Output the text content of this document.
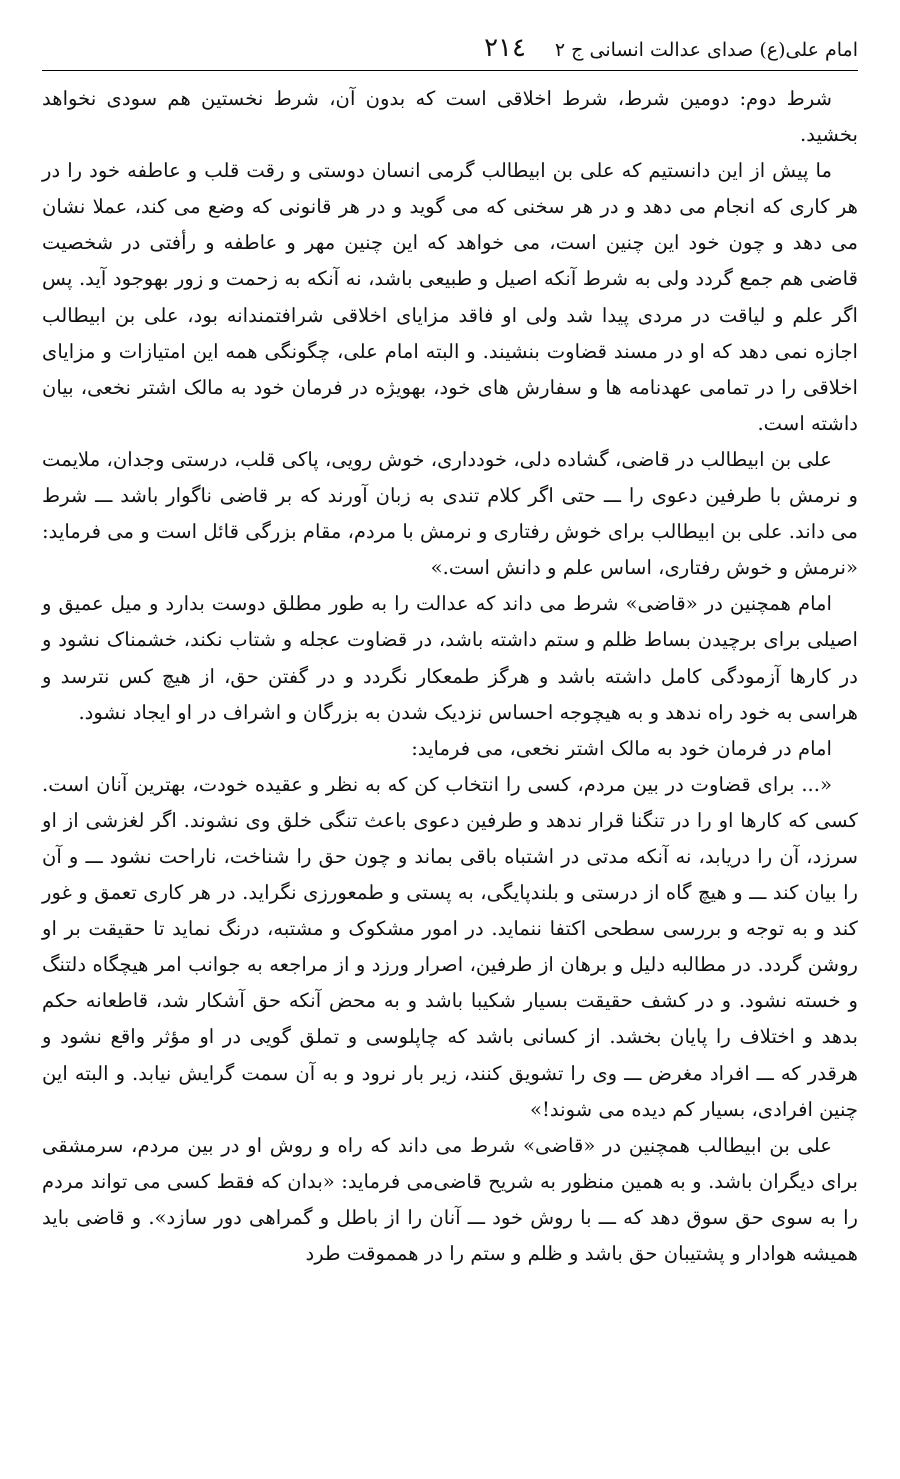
امام علی(ع) صدای عدالت انسانی ج ۲
۲۱٤

شرط دوم: دومین شرط، شرط اخلاقی است که بدون آن، شرط نخستین هم سودی نخواهد بخشید.

ما پیش از این دانستیم که علی بن ابیطالب گرمی انسان دوستی و رقت قلب و عاطفه خود را در هر کاری که انجام می دهد و در هر سخنی که می گوید و در هر قانونی که وضع می کند، عملا نشان می دهد و چون خود این چنین است، می خواهد که این چنین مهر و عاطفه و رأفتی در شخصیت قاضی هم جمع گردد ولی به شرط آنکه اصیل و طبیعی باشد، نه آنکه به زحمت و زور بهوجود آید. پس اگر علم و لیاقت در مردی پیدا شد ولی او فاقد مزایای اخلاقی شرافتمندانه بود، علی بن ابیطالب اجازه نمی دهد که او در مسند قضاوت بنشیند. و البته امام علی، چگونگی همه این امتیازات و مزایای اخلاقی را در تمامی عهدنامه ها و سفارش های خود، بهویژه در فرمان خود به مالک اشتر نخعی، بیان داشته است.

علی بن ابیطالب در قاضی، گشاده دلی، خودداری، خوش رویی، پاکی قلب، درستی وجدان، ملایمت و نرمش با طرفین دعوی را ـــ حتی اگر کلام تندی به زبان آورند که بر قاضی ناگوار باشد ـــ شرط می داند. علی بن ابیطالب برای خوش رفتاری و نرمش با مردم، مقام بزرگی قائل است و می فرماید: «نرمش و خوش رفتاری، اساس علم و دانش است.»

امام همچنین در «قاضی» شرط می داند که عدالت را به طور مطلق دوست بدارد و میل عمیق و اصیلی برای برچیدن بساط ظلم و ستم داشته باشد، در قضاوت عجله و شتاب نکند، خشمناک نشود و در کارها آزمودگی کامل داشته باشد و هرگز طمعکار نگردد و در گفتن حق، از هیچ کس نترسد و هراسی به خود راه ندهد و به هیچوجه احساس نزدیک شدن به بزرگان و اشراف در او ایجاد نشود.

امام در فرمان خود به مالک اشتر نخعی، می فرماید:

«... برای قضاوت در بین مردم، کسی را انتخاب کن که به نظر و عقیده خودت، بهترین آنان است. کسی که کارها او را در تنگنا قرار ندهد و طرفین دعوی باعث تنگی خلق وی نشوند. اگر لغزشی از او سرزد، آن را دریابد، نه آنکه مدتی در اشتباه باقی بماند و چون حق را شناخت، ناراحت نشود ـــ و آن را بیان کند ـــ و هیچ گاه از درستی و بلندپایگی، به پستی و طمعورزی نگراید. در هر کاری تعمق و غور کند و به توجه و بررسی سطحی اکتفا ننماید. در امور مشکوک و مشتبه، درنگ نماید تا حقیقت بر او روشن گردد. در مطالبه دلیل و برهان از طرفین، اصرار ورزد و از مراجعه به جوانب امر هیچگاه دلتنگ و خسته نشود. و در کشف حقیقت بسیار شکیبا باشد و به محض آنکه حق آشکار شد، قاطعانه حکم بدهد و اختلاف را پایان بخشد. از کسانی باشد که چاپلوسی و تملق گویی در او مؤثر واقع نشود و هرقدر که ـــ افراد مغرض ـــ وی را تشویق کنند، زیر بار نرود و به آن سمت گرایش نیابد. و البته این چنین افرادی، بسیار کم دیده می شوند!»

علی بن ابیطالب همچنین در «قاضی» شرط می داند که راه و روش او در بین مردم، سرمشقی برای دیگران باشد. و به همین منظور به شریح قاضی‌می فرماید: «بدان که فقط کسی می تواند مردم را به سوی حق سوق دهد که ـــ با روش خود ـــ آنان را از باطل و گمراهی دور سازد». و قاضی باید همیشه هوادار و پشتیبان حق باشد و ظلم و ستم را در همموقت طرد
